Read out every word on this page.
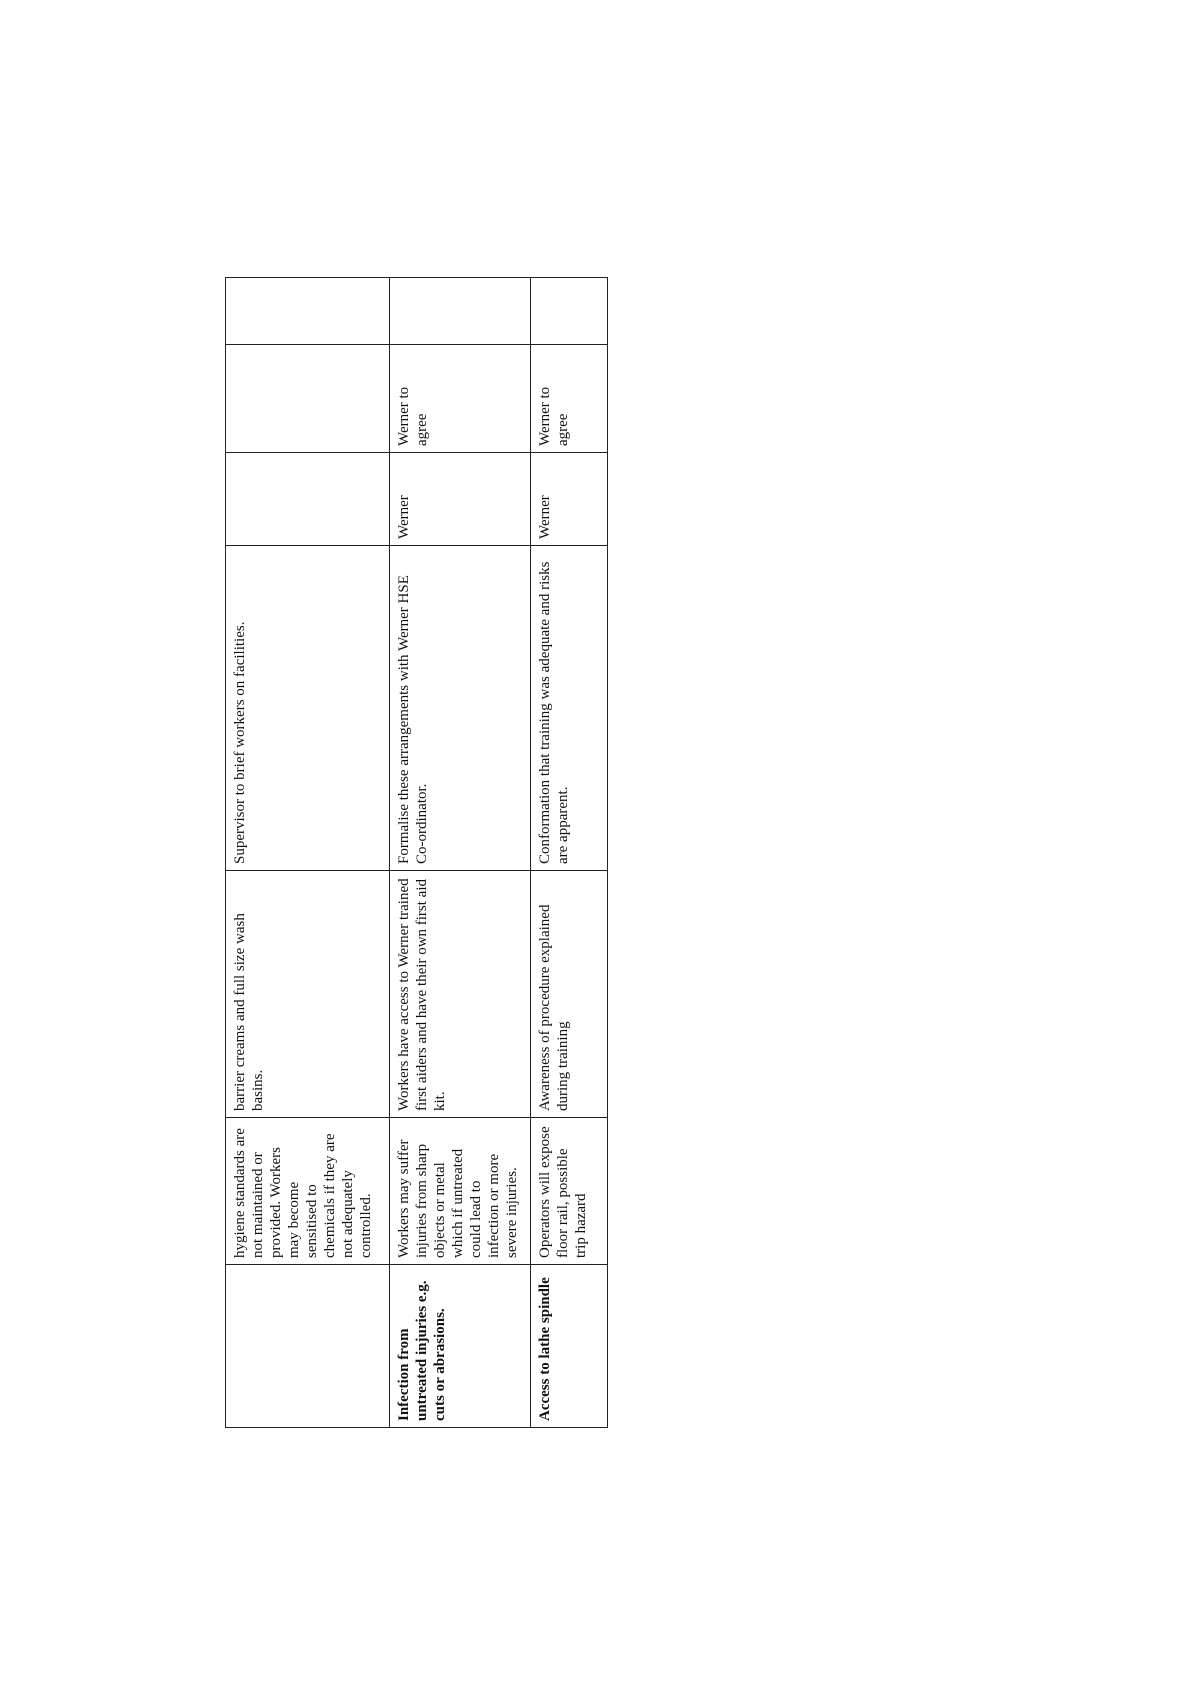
	hygiene standards are not maintained or provided. Workers may become sensitised to chemicals if they are not adequately controlled.	barrier creams and full size wash basins.	Supervisor to brief workers on facilities.			
Infection from untreated injuries e.g. cuts or abrasions.	Workers may suffer injuries from sharp objects or metal which if untreated could lead to infection or more severe injuries.	Workers have access to Werner trained first aiders and have their own first aid kit.	Formalise these arrangements with Werner HSE Co-ordinator.	Werner	Werner to agree	
Access to lathe spindle	Operators will expose floor rail, possible trip hazard	Awareness of procedure explained during training	Conformation that training was adequate and risks are apparent.	Werner	Werner to agree	
